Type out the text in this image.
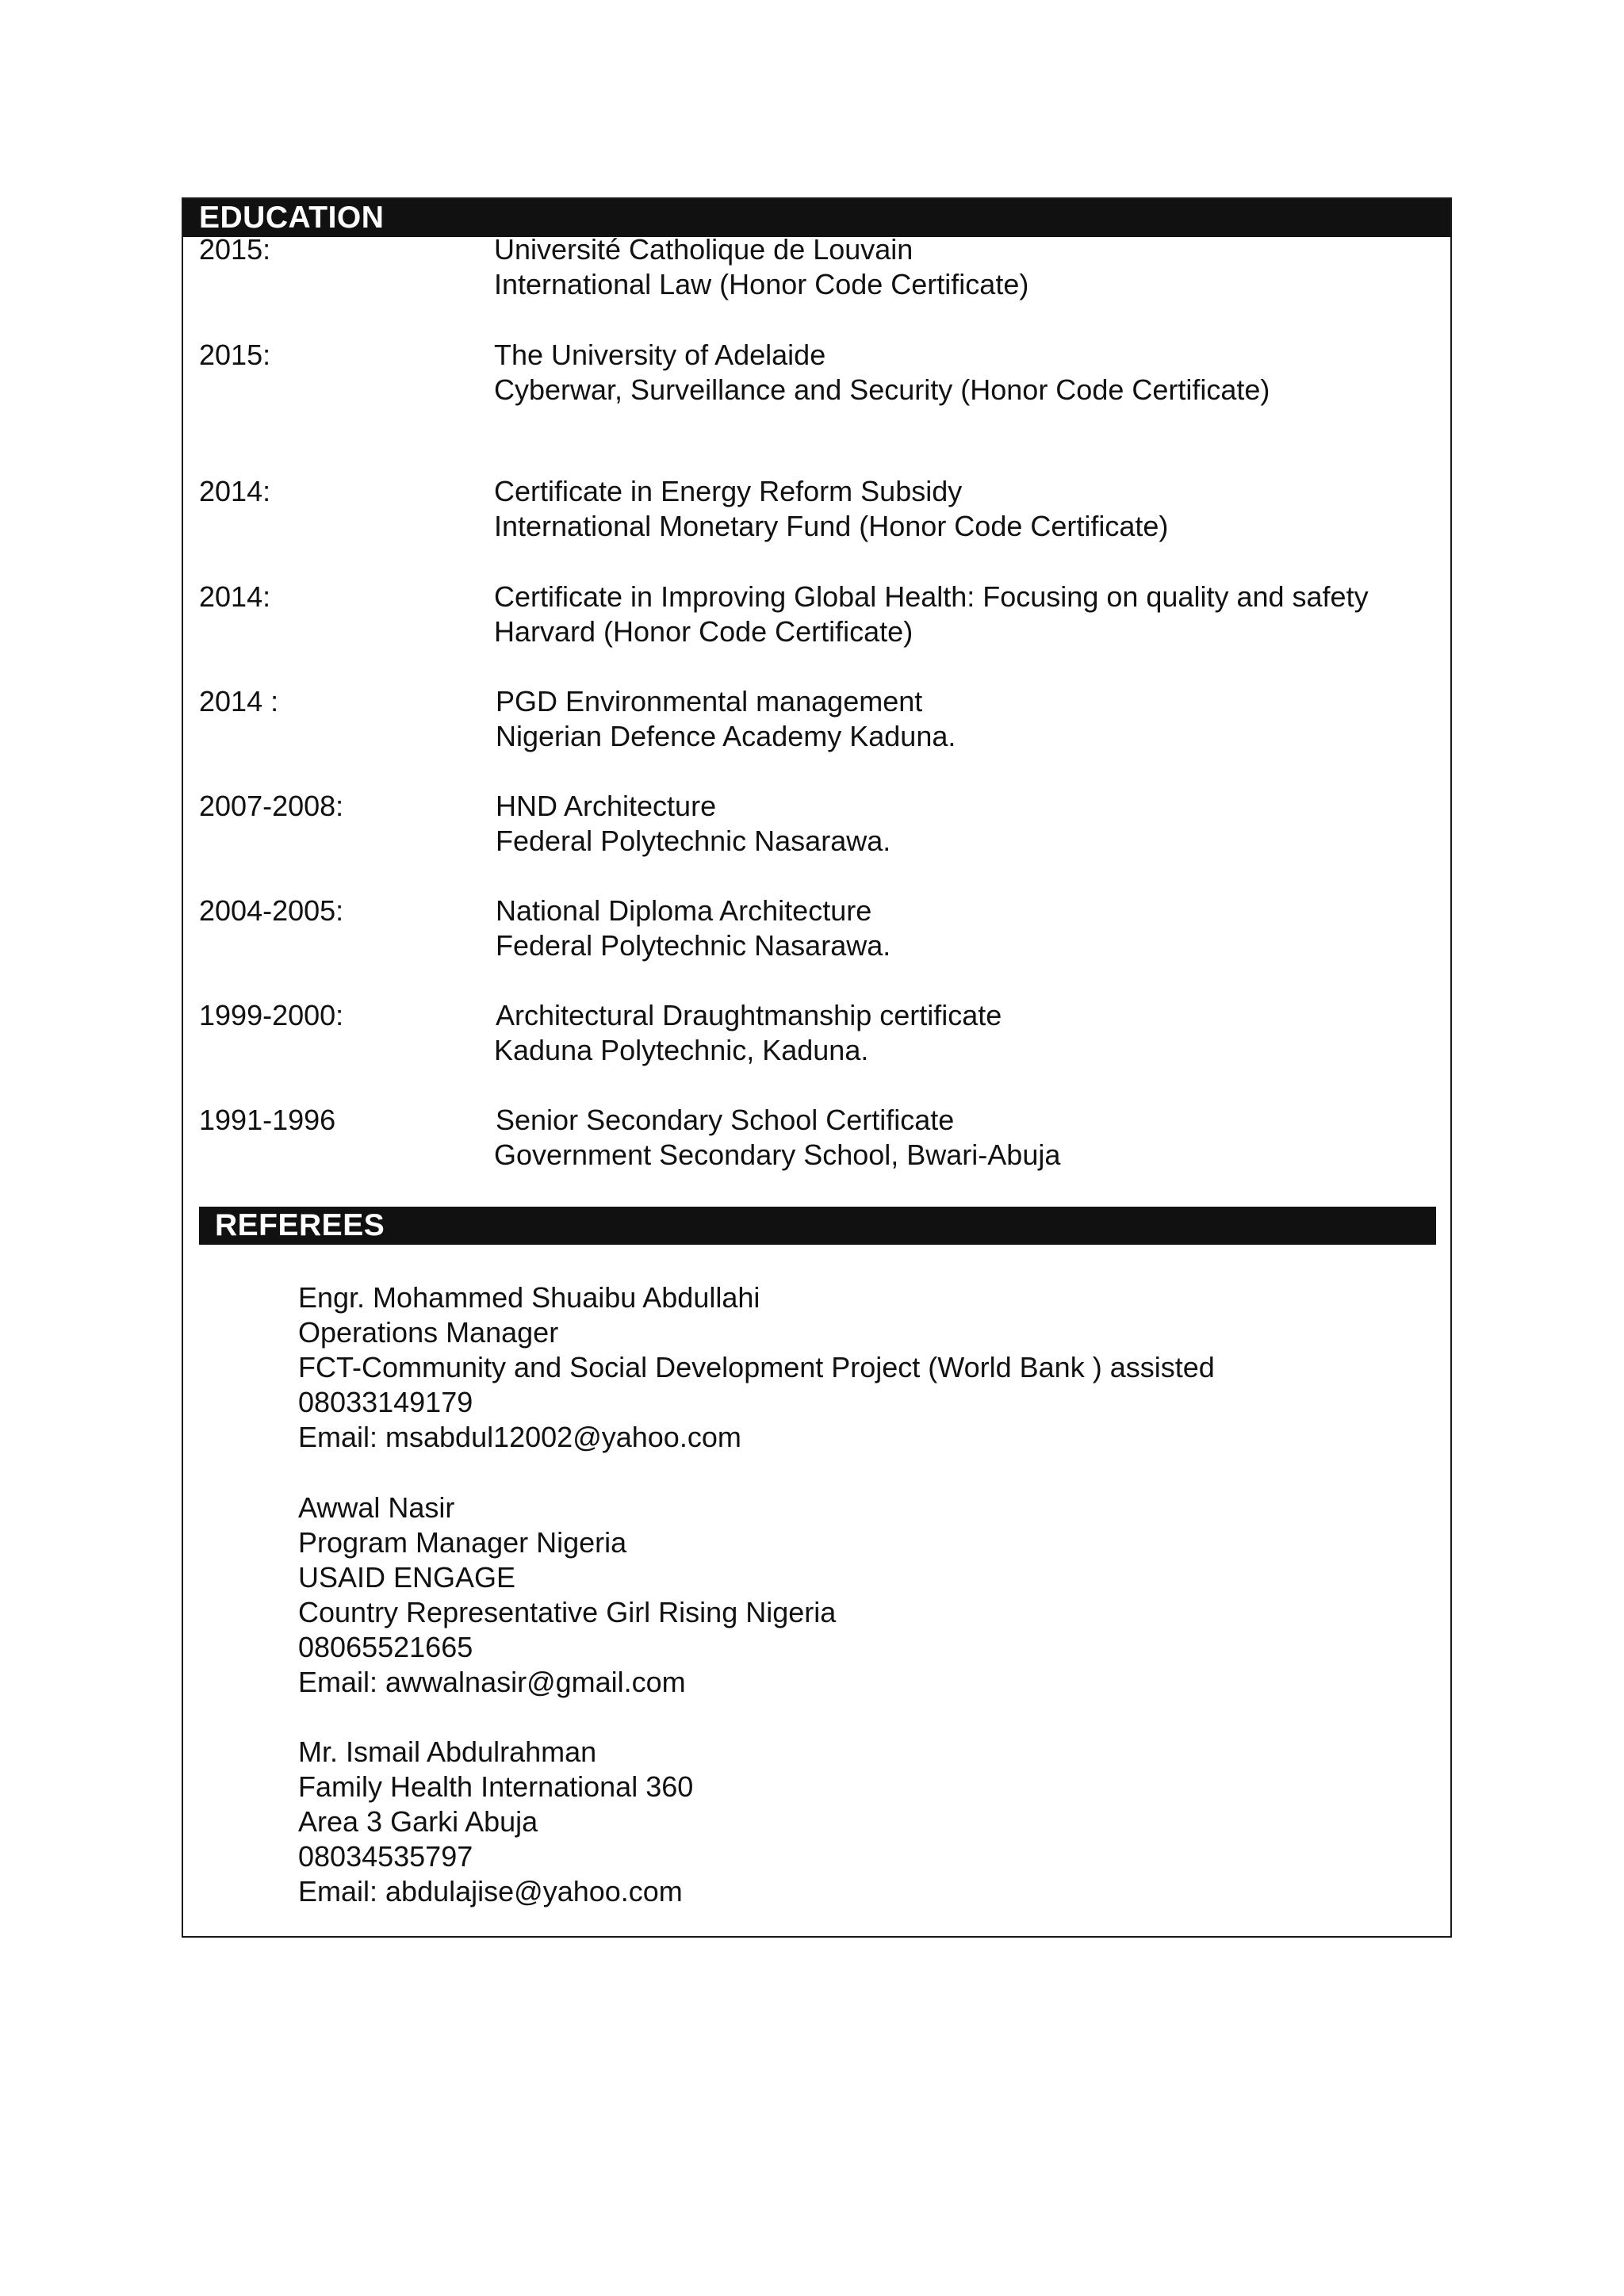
EDUCATION
2015:	Université Catholique de Louvain
International Law (Honor Code Certificate)
2015:	The University of Adelaide
Cyberwar, Surveillance and Security (Honor Code Certificate)
2014:	Certificate in Energy Reform Subsidy
International Monetary Fund (Honor Code Certificate)
2014:	Certificate in Improving Global Health: Focusing on quality and safety
Harvard (Honor Code Certificate)
2014 :	PGD Environmental management
Nigerian Defence Academy Kaduna.
2007-2008:	HND Architecture
Federal Polytechnic Nasarawa.
2004-2005:	National Diploma Architecture
Federal Polytechnic Nasarawa.
1999-2000:	Architectural Draughtmanship certificate
Kaduna Polytechnic, Kaduna.
1991-1996	Senior Secondary School Certificate
Government Secondary School, Bwari-Abuja
REFEREES
Engr. Mohammed Shuaibu Abdullahi
Operations Manager
FCT-Community and Social Development Project (World Bank ) assisted
08033149179
Email: msabdul12002@yahoo.com
Awwal Nasir
Program Manager Nigeria
USAID ENGAGE
Country Representative Girl Rising Nigeria
08065521665
Email: awwalnasir@gmail.com
Mr. Ismail Abdulrahman
Family Health International 360
Area 3 Garki Abuja
08034535797
Email: abdulajise@yahoo.com
